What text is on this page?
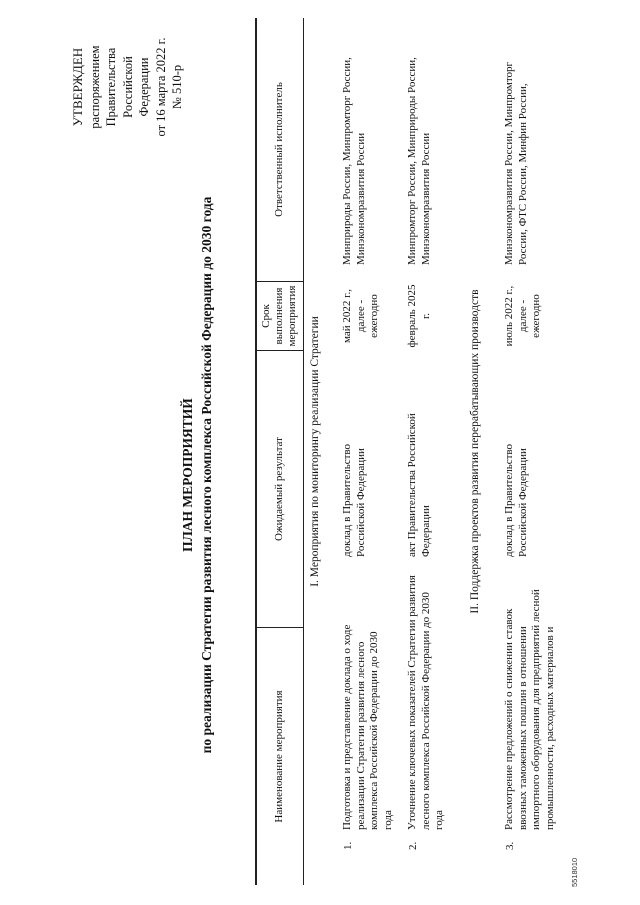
УТВЕРЖДЕН распоряжением Правительства Российской Федерации от 16 марта 2022 г. № 510-р
ПЛАН МЕРОПРИЯТИЙ по реализации Стратегии развития лесного комплекса Российской Федерации до 2030 года
Наименование мероприятия
Ожидаемый результат
Срок выполнения мероприятия
Ответственный исполнитель
I. Мероприятия по мониторингу реализации Стратегии
1.
Подготовка и представление доклада о ходе реализации Стратегии развития лесного комплекса Российской Федерации до 2030 года
доклад в Правительство Российской Федерации
май 2022 г., далее - ежегодно
Минприроды России, Минпромторг России, Минэкономразвития России
2.
Уточнение ключевых показателей Стратегии развития лесного комплекса Российской Федерации до 2030 года
акт Правительства Российской Федерации
февраль 2025 г.
Минпромторг России, Минприроды России, Минэкономразвития России
II. Поддержка проектов развития перерабатывающих производств
3.
Рассмотрение предложений о снижении ставок ввозных таможенных пошлин в отношении импортного оборудования для предприятий лесной промышленности, расходных материалов и
доклад в Правительство Российской Федерации
июль 2022 г., далее - ежегодно
Минэкономразвития России, Минпромторг России, ФТС России, Минфин России,
5518010
